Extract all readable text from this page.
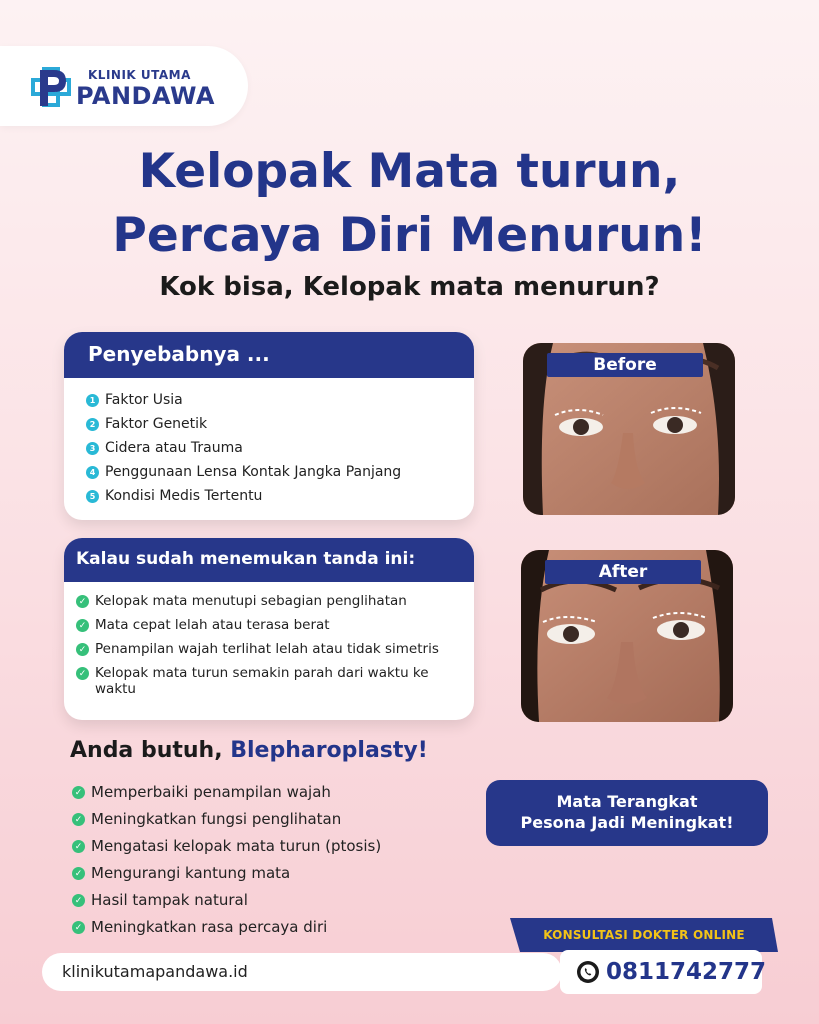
KLINIK UTAMA
PANDAWA
Kelopak Mata turun,
Percaya Diri Menurun!
Kok bisa, Kelopak mata menurun?
Penyebabnya ...
1 Faktor Usia
2 Faktor Genetik
3 Cidera atau Trauma
4 Penggunaan Lensa Kontak Jangka Panjang
5 Kondisi Medis Tertentu
Kalau sudah menemukan tanda ini:
✓ Kelopak mata menutupi sebagian penglihatan
✓ Mata cepat lelah atau terasa berat
✓ Penampilan wajah terlihat lelah atau tidak simetris
✓ Kelopak mata turun semakin parah dari waktu ke waktu
Before
After
Anda butuh, Blepharoplasty!
✓ Memperbaiki penampilan wajah
✓ Meningkatkan fungsi penglihatan
✓ Mengatasi kelopak mata turun (ptosis)
✓ Mengurangi kantung mata
✓ Hasil tampak natural
✓ Meningkatkan rasa percaya diri
Mata Terangkat
Pesona Jadi Meningkat!
KONSULTASI DOKTER ONLINE
klinikutamapandawa.id	0811742777
